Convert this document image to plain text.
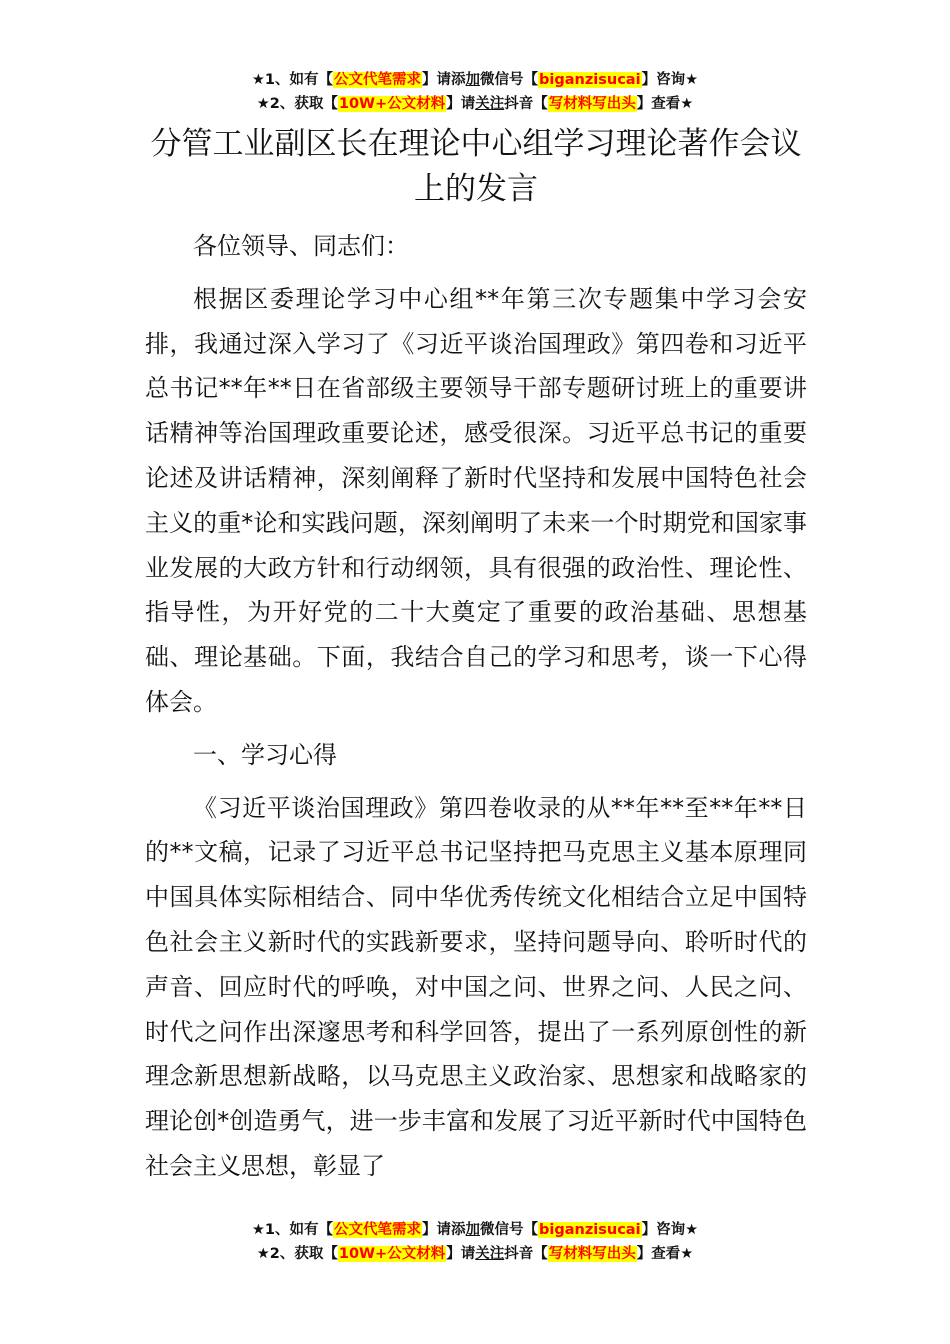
★1、如有【公文代笔需求】请添加微信号【biganzisucai】咨询★
★2、获取【10W+公文材料】请关注抖音【写材料写出头】查看★
分管工业副区长在理论中心组学习理论著作会议上的发言

各位领导、同志们：

根据区委理论学习中心组**年第三次专题集中学习会安排，我通过深入学习了《习近平谈治国理政》第四卷和习近平总书记**年**日在省部级主要领导干部专题研讨班上的重要讲话精神等治国理政重要论述，感受很深。习近平总书记的重要论述及讲话精神，深刻阐释了新时代坚持和发展中国特色社会主义的重*论和实践问题，深刻阐明了未来一个时期党和国家事业发展的大政方针和行动纲领，具有很强的政治性、理论性、指导性，为开好党的二十大奠定了重要的政治基础、思想基础、理论基础。下面，我结合自己的学习和思考，谈一下心得体会。

一、学习心得

《习近平谈治国理政》第四卷收录的从**年**至**年**日的**文稿，记录了习近平总书记坚持把马克思主义基本原理同中国具体实际相结合、同中华优秀传统文化相结合立足中国特色社会主义新时代的实践新要求，坚持问题导向、聆听时代的声音、回应时代的呼唤，对中国之问、世界之问、人民之问、时代之问作出深邃思考和科学回答，提出了一系列原创性的新理念新思想新战略，以马克思主义政治家、思想家和战略家的理论创*创造勇气，进一步丰富和发展了习近平新时代中国特色社会主义思想，彰显了

★1、如有【公文代笔需求】请添加微信号【biganzisucai】咨询★
★2、获取【10W+公文材料】请关注抖音【写材料写出头】查看★
